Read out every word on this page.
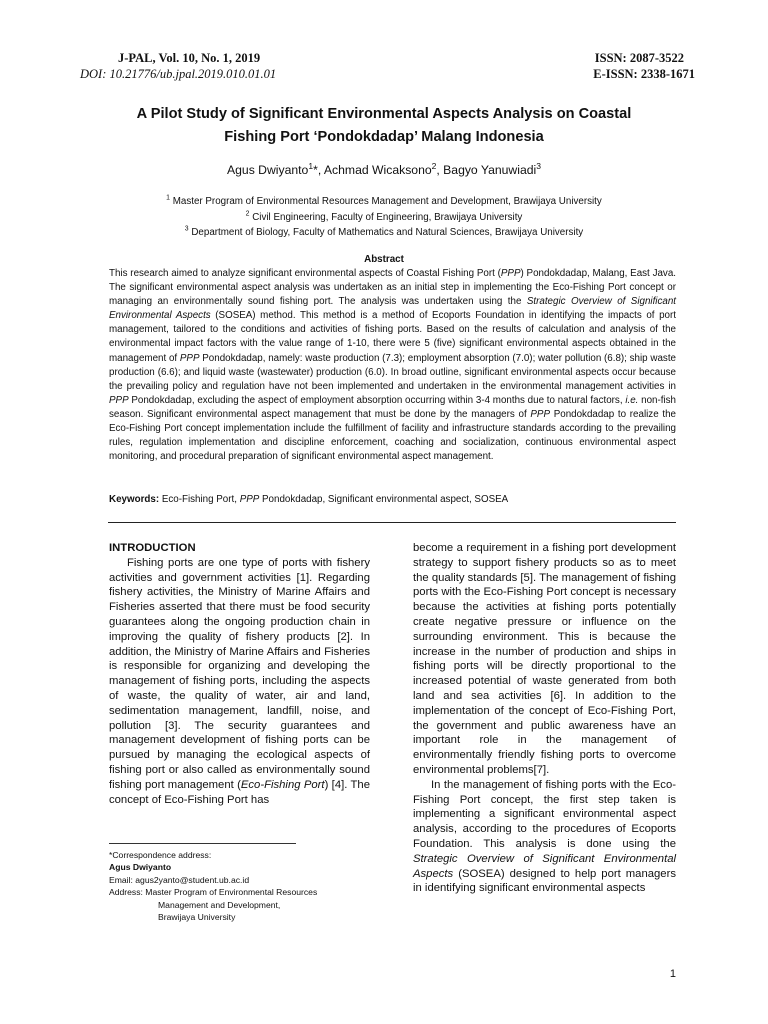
J-PAL, Vol. 10, No. 1, 2019
DOI: 10.21776/ub.jpal.2019.010.01.01
ISSN: 2087-3522
E-ISSN: 2338-1671
A Pilot Study of Significant Environmental Aspects Analysis on Coastal
Fishing Port ‘Pondokdadap’ Malang Indonesia
Agus Dwiyanto$^1$*, Achmad Wicaksono$^2$, Bagyo Yanuwiadi$^3$
$^1$ Master Program of Environmental Resources Management and Development, Brawijaya University
$^2$ Civil Engineering, Faculty of Engineering, Brawijaya University
$^3$ Department of Biology, Faculty of Mathematics and Natural Sciences, Brawijaya University
Abstract

This research aimed to analyze significant environmental aspects of Coastal Fishing Port (PPP) Pondokdadap, Malang, East Java. The significant environmental aspect analysis was undertaken as an initial step in implementing the Eco-Fishing Port concept or managing an environmentally sound fishing port. The analysis was undertaken using the Strategic Overview of Significant Environmental Aspects (SOSEA) method. This method is a method of Ecoports Foundation in identifying the impacts of port management, tailored to the conditions and activities of fishing ports. Based on the results of calculation and analysis of the environmental impact factors with the value range of 1-10, there were 5 (five) significant environmental aspects obtained in the management of PPP Pondokdadap, namely: waste production (7.3); employment absorption (7.0); water pollution (6.8); ship waste production (6.6); and liquid waste (wastewater) production (6.0). In broad outline, significant environmental aspects occur because the prevailing policy and regulation have not been implemented and undertaken in the environmental management activities in PPP Pondokdadap, excluding the aspect of employment absorption occurring within 3-4 months due to natural factors, i.e. non-fish season. Significant environmental aspect management that must be done by the managers of PPP Pondokdadap to realize the Eco-Fishing Port concept implementation include the fulfillment of facility and infrastructure standards according to the prevailing rules, regulation implementation and discipline enforcement, coaching and socialization, continuous environmental aspect monitoring, and procedural preparation of significant environmental aspect management.

Keywords: Eco-Fishing Port, PPP Pondokdadap, Significant environmental aspect, SOSEA

INTRODUCTION

Fishing ports are one type of ports with fishery activities and government activities [1]. Regarding fishery activities, the Ministry of Marine Affairs and Fisheries asserted that there must be food security guarantees along the ongoing production chain in improving the quality of fishery products [2]. In addition, the Ministry of Marine Affairs and Fisheries is responsible for organizing and developing the management of fishing ports, including the aspects of waste, the quality of water, air and land, sedimentation management, landfill, noise, and pollution [3]. The security guarantees and management development of fishing ports can be pursued by managing the ecological aspects of fishing port or also called as environmentally sound fishing port management (Eco-Fishing Port) [4]. The concept of Eco-Fishing Port has

become a requirement in a fishing port development strategy to support fishery products so as to meet the quality standards [5]. The management of fishing ports with the Eco-Fishing Port concept is necessary because the activities at fishing ports potentially create negative pressure or influence on the surrounding environment. This is because the increase in the number of production and ships in fishing ports will be directly proportional to the increased potential of waste generated from both land and sea activities [6]. In addition to the implementation of the concept of Eco-Fishing Port, the government and public awareness have an important role in the management of environmentally friendly fishing ports to overcome environmental problems[7].

In the management of fishing ports with the Eco-Fishing Port concept, the first step taken is implementing a significant environmental aspect analysis, according to the procedures of Ecoports Foundation. This analysis is done using the Strategic Overview of Significant Environmental Aspects (SOSEA) designed to help port managers in identifying significant environmental aspects

*Correspondence address:
Agus Dwiyanto
Email: agus2yanto@student.ub.ac.id
Address: Master Program of Environmental Resources
Management and Development,
Brawijaya University
1
